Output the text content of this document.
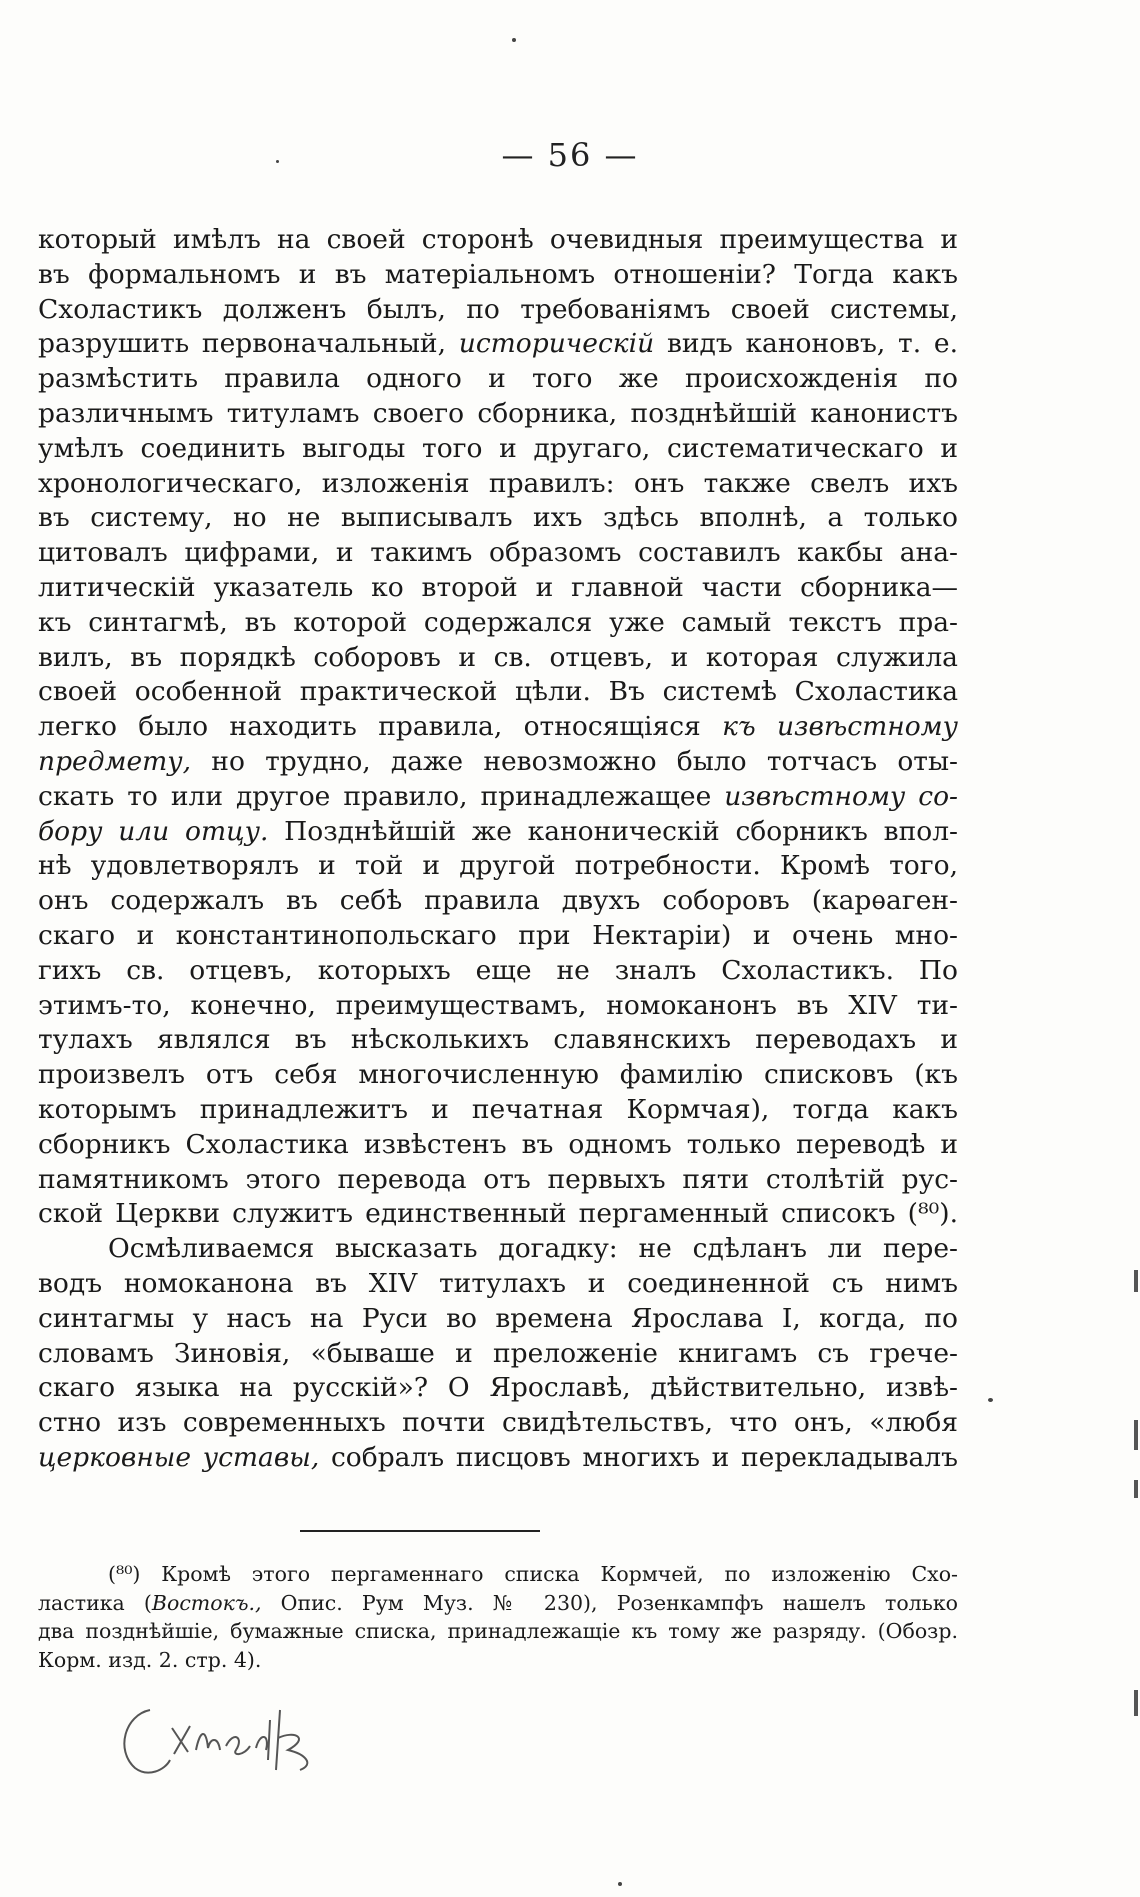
— 56 —
который имѣлъ на своей сторонѣ очевидныя преимущества и
въ формальномъ и въ матеріальномъ отношеніи? Тогда какъ
Схоластикъ долженъ былъ, по требованіямъ своей системы,
разрушить первоначальный, историческій видъ каноновъ, т. е.
размѣстить правила одного и того же происхожденія по
различнымъ титуламъ своего сборника, позднѣйшій канонистъ
умѣлъ соединить выгоды того и другаго, систематическаго и
хронологическаго, изложенія правилъ: онъ также свелъ ихъ
въ систему, но не выписывалъ ихъ здѣсь вполнѣ, а только
цитовалъ цифрами, и такимъ образомъ составилъ какбы ана-
литическій указатель ко второй и главной части сборника—
къ синтагмѣ, въ которой содержался уже самый текстъ пра-
вилъ, въ порядкѣ соборовъ и св. отцевъ, и которая служила
своей особенной практической цѣли. Въ системѣ Схоластика
легко было находить правила, относящіяся къ извѣстному
предмету, но трудно, даже невозможно было тотчасъ оты-
скать то или другое правило, принадлежащее извѣстному со-
бору или отцу. Позднѣйшій же каноническій сборникъ впол-
нѣ удовлетворялъ и той и другой потребности. Кромѣ того,
онъ содержалъ въ себѣ правила двухъ соборовъ (карѳаген-
скаго и константинопольскаго при Нектаріи) и очень мно-
гихъ св. отцевъ, которыхъ еще не зналъ Схоластикъ. По
этимъ-то, конечно, преимуществамъ, номоканонъ въ XIV ти-
тулахъ являлся въ нѣсколькихъ славянскихъ переводахъ и
произвелъ отъ себя многочисленную фамилію списковъ (къ
которымъ принадлежитъ и печатная Кормчая), тогда какъ
сборникъ Схоластика извѣстенъ въ одномъ только переводѣ и
памятникомъ этого перевода отъ первыхъ пяти столѣтій рус-
ской Церкви служитъ единственный пергаменный списокъ (⁸⁰).
Осмѣливаемся высказать догадку: не сдѣланъ ли пере-
водъ номоканона въ XIV титулахъ и соединенной съ нимъ
синтагмы у насъ на Руси во времена Ярослава I, когда, по
словамъ Зиновія, «бываше и преложеніе книгамъ съ грече-
скаго языка на русскій»? О Ярославѣ, дѣйствительно, извѣ-
стно изъ современныхъ почти свидѣтельствъ, что онъ, «любя
церковные уставы, собралъ писцовъ многихъ и перекладывалъ
(⁸⁰) Кромѣ этого пергаменнаго списка Кормчей, по изложенію Схо-
ластика (Востокъ., Опис. Рум Муз. № 230), Розенкампфъ нашелъ только
два позднѣйшіе, бумажные списка, принадлежащіе къ тому же разряду. (Обозр.
Корм. изд. 2. стр. 4).
